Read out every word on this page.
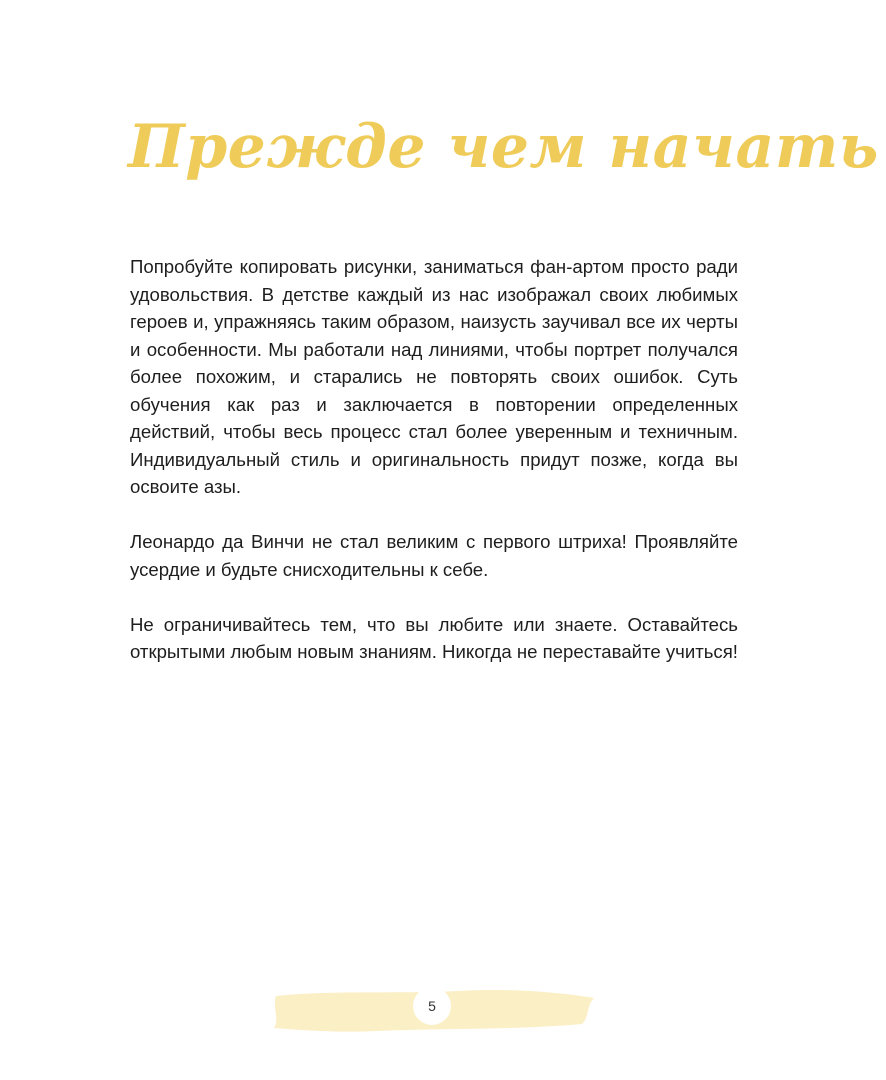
Прежде чем начать

Попробуйте копировать рисунки, заниматься фан-артом просто ради удовольствия. В детстве каждый из нас изображал своих любимых героев и, упражняясь таким образом, наизусть заучивал все их черты и особенности. Мы работали над линиями, чтобы портрет получался более похожим, и старались не повторять своих ошибок. Суть обучения как раз и заключается в повторении определенных действий, чтобы весь процесс стал более уверенным и техничным. Индивидуальный стиль и оригинальность придут позже, когда вы освоите азы.

Леонардо да Винчи не стал великим с первого штриха! Проявляйте усердие и будьте снисходительны к себе.

Не ограничивайтесь тем, что вы любите или знаете. Оставайтесь открытыми любым новым знаниям. Никогда не переставайте учиться!

5
